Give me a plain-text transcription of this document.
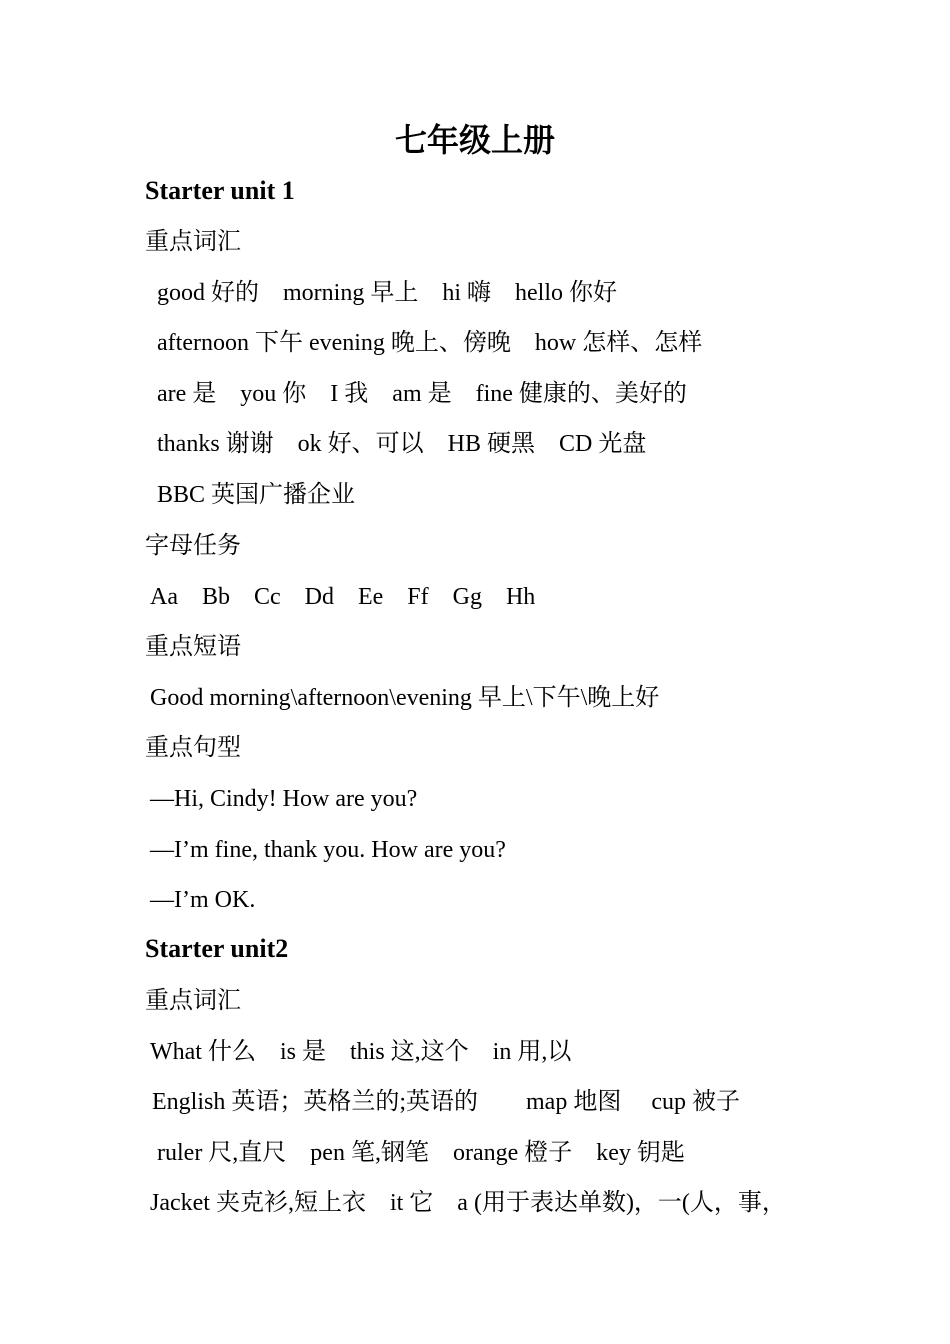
七年级上册
Starter unit 1
重点词汇
good 好的　morning 早上　hi 嗨　hello 你好
afternoon 下午 evening 晚上、傍晚　how 怎样、怎样
are 是　you 你　I 我　am 是　fine 健康的、美好的
thanks 谢谢　ok 好、可以　HB 硬黑　CD 光盘
BBC 英国广播企业
字母任务
Aa　Bb　Cc　Dd　Ee　Ff　Gg　Hh
重点短语
Good morning\afternoon\evening 早上\下午\晚上好
重点句型
—Hi, Cindy! How are you?
—I’m fine, thank you. How are you?
—I’m OK.
Starter unit2
重点词汇
What 什么　is 是　this 这,这个　in 用,以
English 英语；英格兰的;英语的　　map 地图　 cup 被子
ruler 尺,直尺　pen 笔,钢笔　orange 橙子　key 钥匙
Jacket 夹克衫,短上衣　it 它　a (用于表达单数)，一(人，事，
